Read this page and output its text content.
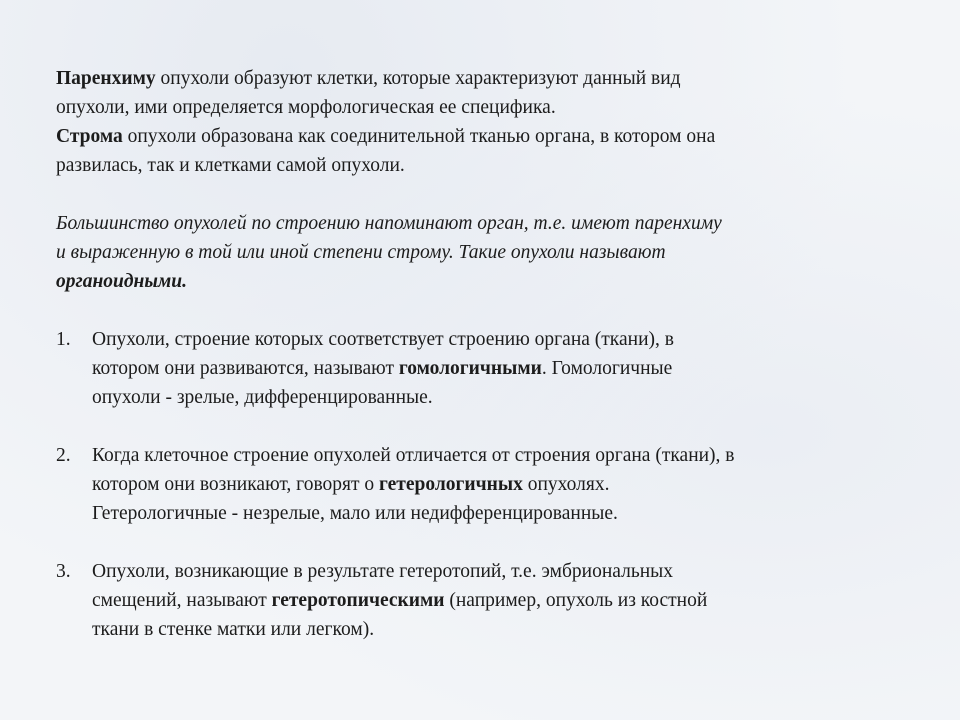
Паренхиму опухоли образуют клетки, которые характеризуют данный вид
опухоли, ими определяется морфологическая ее специфика.

Строма опухоли образована как соединительной тканью органа, в котором она
развилась, так и клетками самой опухоли.

Большинство опухолей по строению напоминают орган, т.е. имеют паренхиму
и выраженную в той или иной степени строму. Такие опухоли называют
органоидными.

1. Опухоли, строение которых соответствует строению органа (ткани), в
котором они развиваются, называют гомологичными. Гомологичные
опухоли - зрелые, дифференцированные.
2. Когда клеточное строение опухолей отличается от строения органа (ткани), в
котором они возникают, говорят о гетерологичных опухолях.
Гетерологичные - незрелые, мало или недифференцированные.
3. Опухоли, возникающие в результате гетеротопий, т.е. эмбриональных
смещений, называют гетеротопическими (например, опухоль из костной
ткани в стенке матки или легком).
